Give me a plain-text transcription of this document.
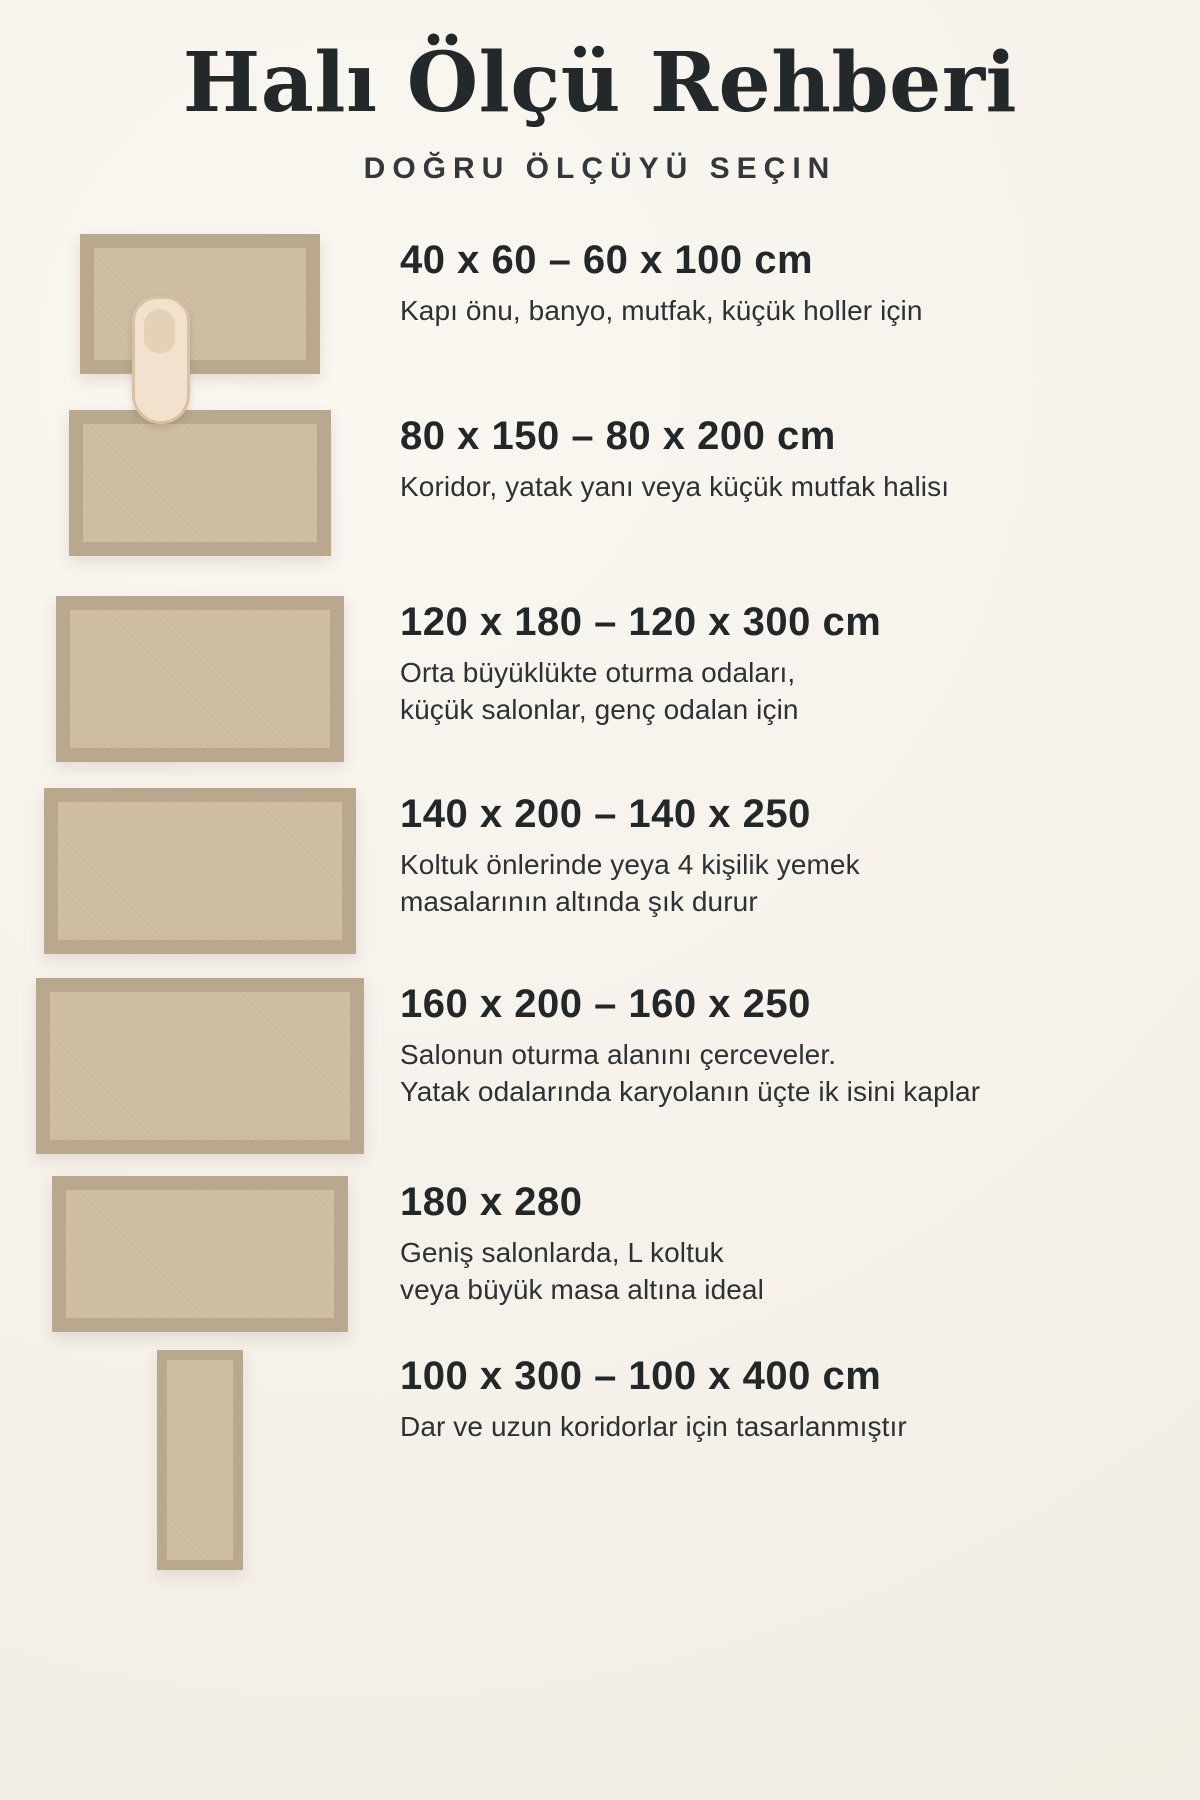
Halı Ölçü Rehberi
DOĞRU ÖLÇÜYÜ SEÇIN
40 x 60 – 60 x 100 cm
Kapı önu, banyo, mutfak, küçük holler için
80 x 150 – 80 x 200 cm
Koridor, yatak yanı veya küçük mutfak halisı
120 x 180 – 120 x 300 cm
Orta büyüklükte oturma odaları,
küçük salonlar, genç odalan için
140 x 200 – 140 x 250
Koltuk önlerinde yeya 4 kişilik yemek
masalarının altında şık durur
160 x 200 – 160 x 250
Salonun oturma alanını çerceveler.
Yatak odalarında karyolanın üçte ik isini kaplar
180 x 280
Geniş salonlarda, L koltuk
veya büyük masa altına ideal
100 x 300 – 100 x 400 cm
Dar ve uzun koridorlar için tasarlanmıştır
